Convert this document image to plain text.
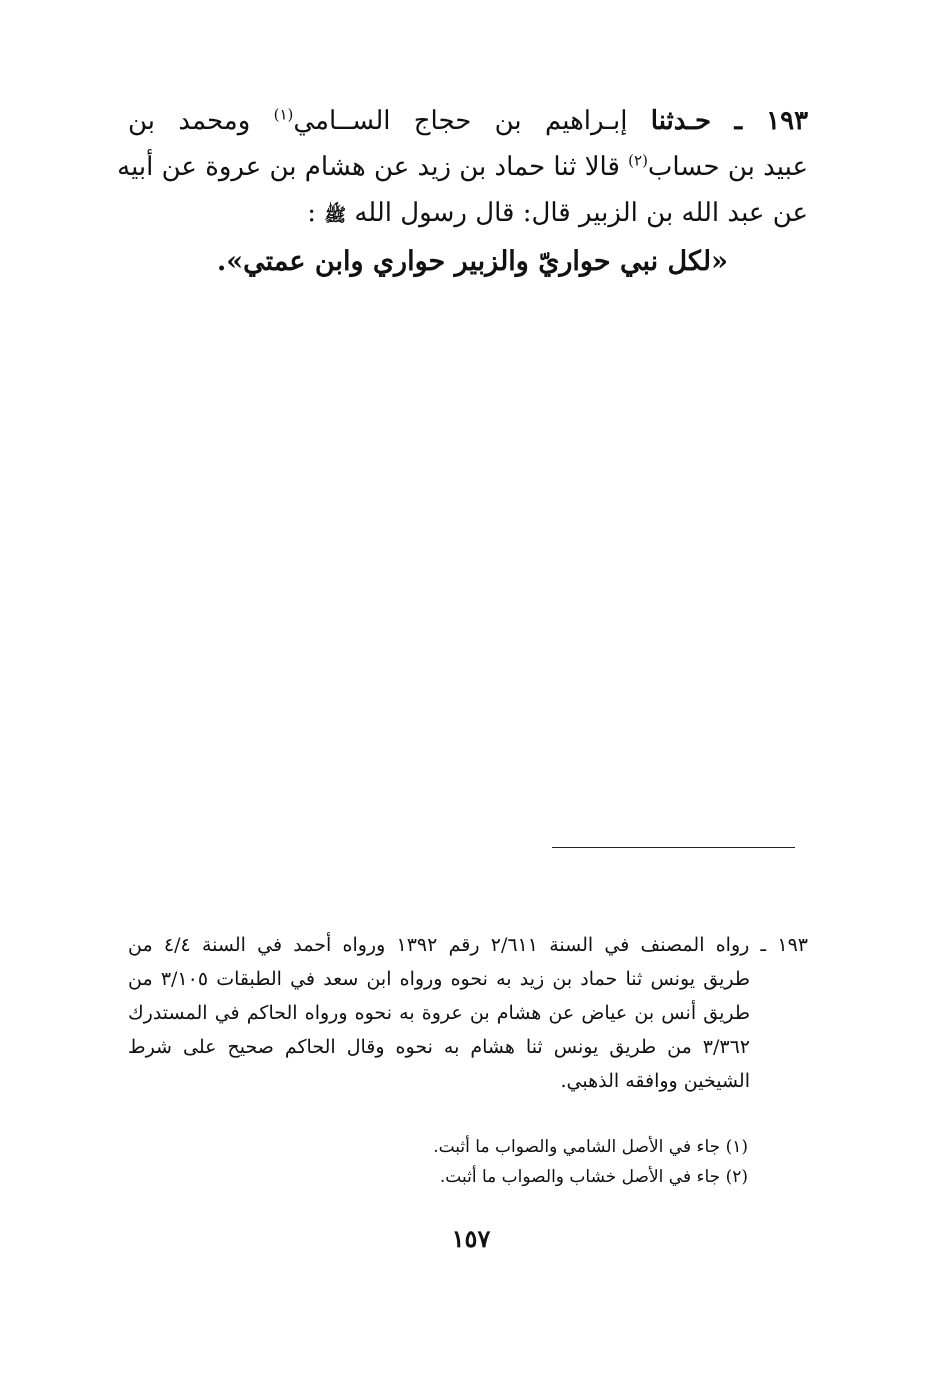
١٩٣ ـ حـدثنا إبـراهيم بن حجاج الســامي$^{(١)}$ ومحمد بن
عبيد بن حساب$^{(٢)}$ قالا ثنا حماد بن زيد عن هشام بن عروة عن أبيه
عن عبد الله بن الزبير قال: قال رسول الله ﷺ :
«لكل نبي حواريّ والزبير حواري وابن عمتي».
١٩٣ ـ رواه المصنف في السنة ٢/٦١١ رقم ١٣٩٢ ورواه أحمد في السنة ٤/٤ من
طريق يونس ثنا حماد بن زيد به نحوه ورواه ابن سعد في الطبقات ٣/١٠٥ من
طريق أنس بن عياض عن هشام بن عروة به نحوه ورواه الحاكم في المستدرك
٣/٣٦٢ من طريق يونس ثنا هشام به نحوه وقال الحاكم صحيح على شرط
الشيخين ووافقه الذهبي.
(١) جاء في الأصل الشامي والصواب ما أثبت.
(٢) جاء في الأصل خشاب والصواب ما أثبت.
١٥٧
